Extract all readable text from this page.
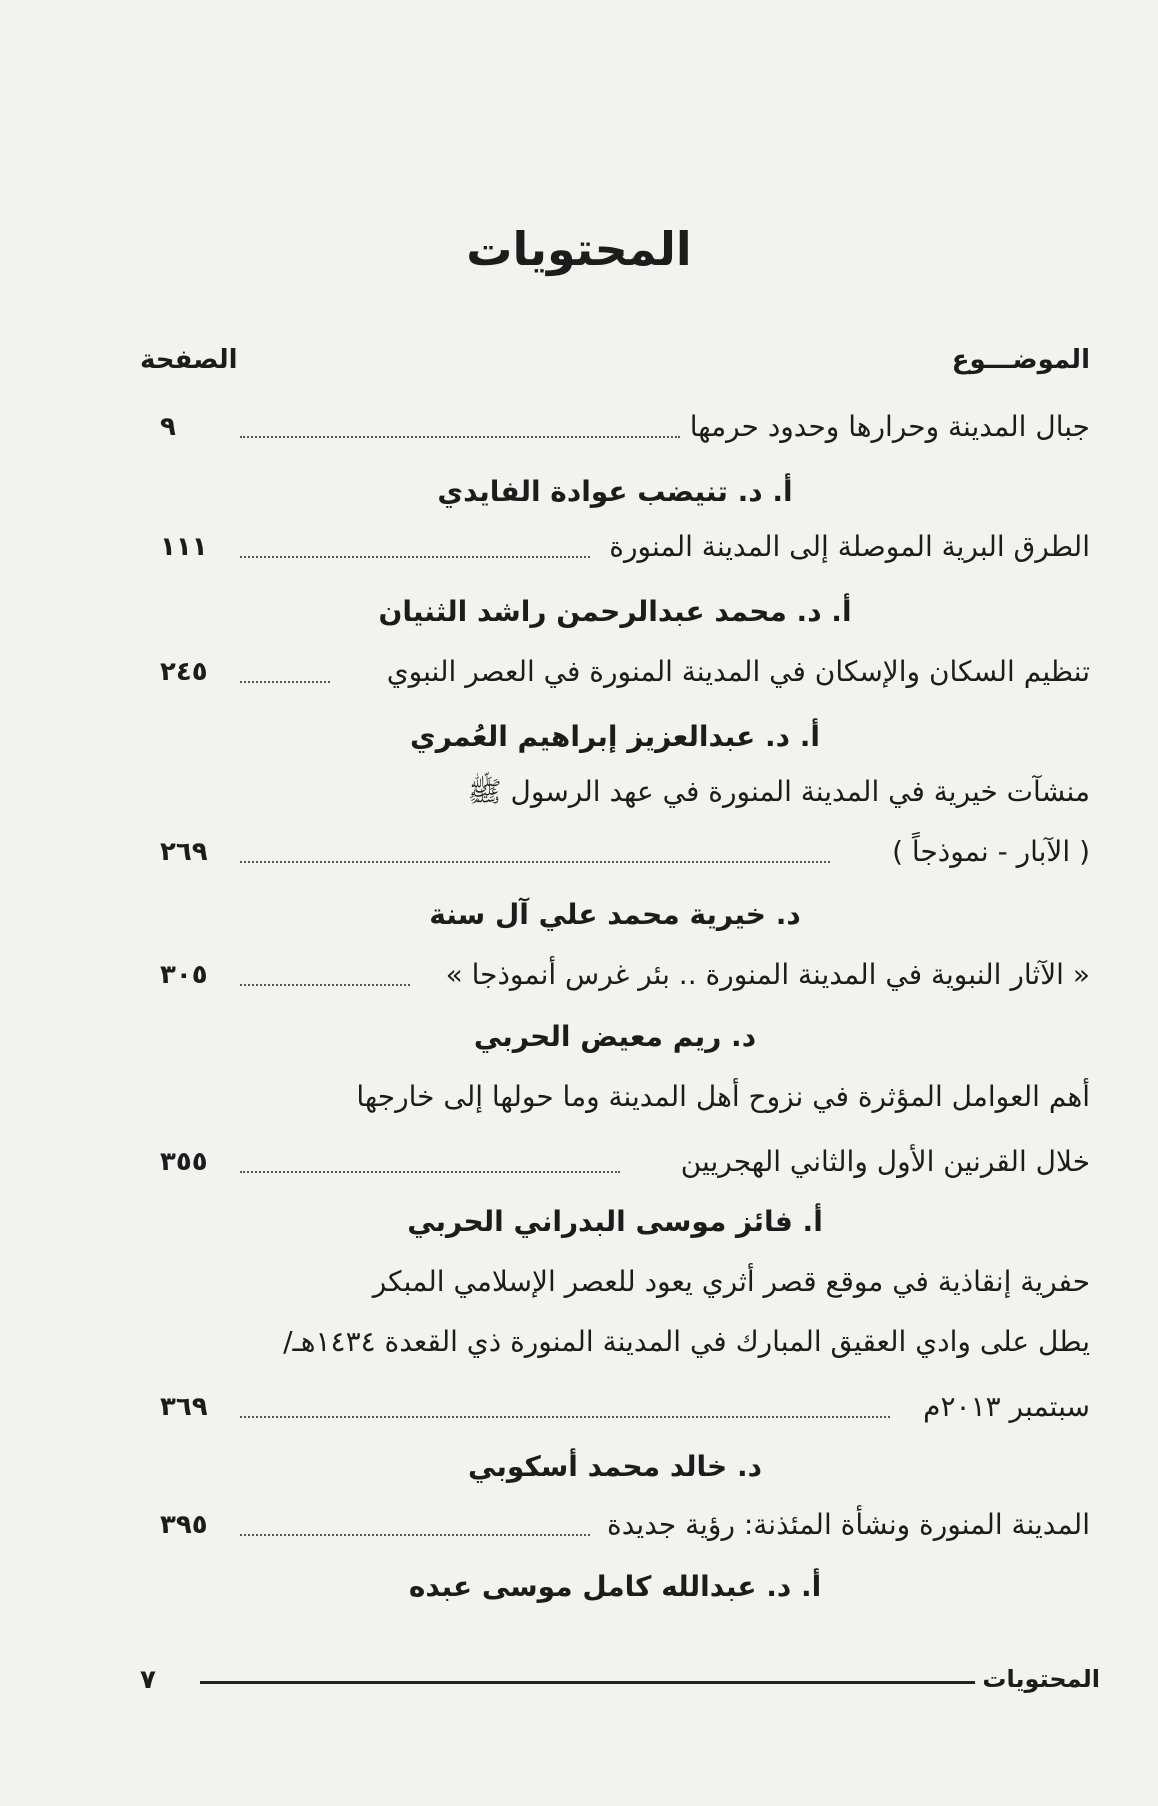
المحتويات
الموضـــوع
الصفحة
جبال المدينة وحرارها وحدود حرمها
٩
أ. د. تنيضب عوادة الفايدي
الطرق البرية الموصلة إلى المدينة المنورة
١١١
أ. د. محمد عبدالرحمن راشد الثنيان
تنظيم السكان والإسكان في المدينة المنورة في العصر النبوي
٢٤٥
أ. د. عبدالعزيز إبراهيم العُمري
منشآت خيرية في المدينة المنورة في عهد الرسول ﷺ
( الآبار - نموذجاً )
٢٦٩
د. خيرية محمد علي آل سنة
« الآثار النبوية في المدينة المنورة .. بئر غرس أنموذجا »
٣٠٥
د. ريم معيض الحربي
أهم العوامل المؤثرة في نزوح أهل المدينة وما حولها إلى خارجها
خلال القرنين الأول والثاني الهجريين
٣٥٥
أ. فائز موسى البدراني الحربي
حفرية إنقاذية في موقع قصر أثري يعود للعصر الإسلامي المبكر
يطل على وادي العقيق المبارك في المدينة المنورة ذي القعدة ١٤٣٤هـ/
سبتمبر ٢٠١٣م
٣٦٩
د. خالد محمد أسكوبي
المدينة المنورة ونشأة المئذنة: رؤية جديدة
٣٩٥
أ. د. عبدالله كامل موسى عبده
المحتويات
٧
